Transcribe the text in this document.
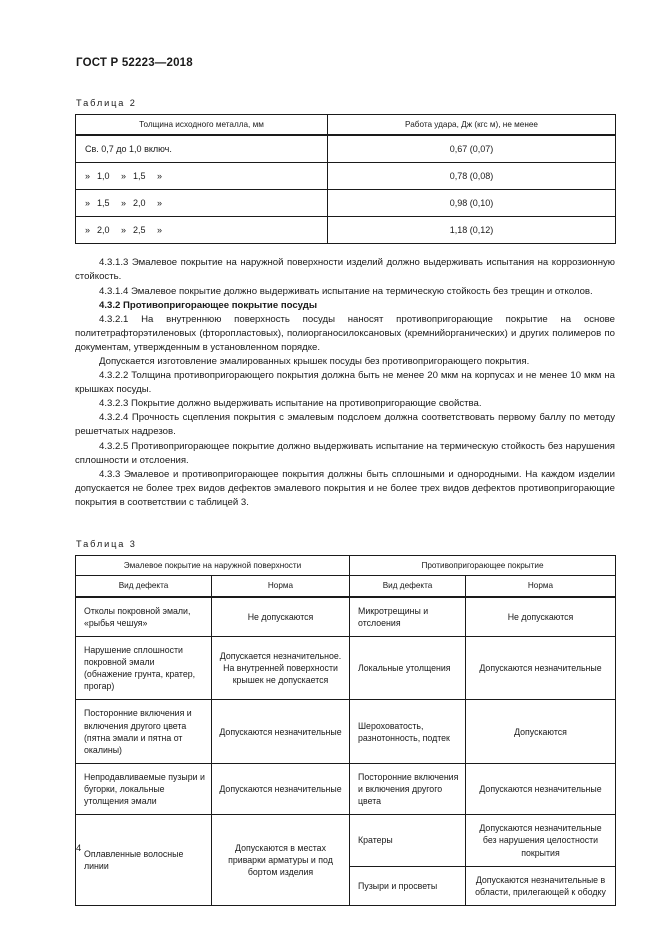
ГОСТ Р 52223—2018
Таблица 2
Толщина исходного металла, мм	Работа удара, Дж (кгс м), не менее
Св. 0,7 до 1,0 включ.	0,67 (0,07)
» 1,0 » 1,5 »	0,78 (0,08)
» 1,5 » 2,0 »	0,98 (0,10)
» 2,0 » 2,5 »	1,18 (0,12)

4.3.1.3 Эмалевое покрытие на наружной поверхности изделий должно выдерживать испытания на коррозионную стойкость.

4.3.1.4 Эмалевое покрытие должно выдерживать испытание на термическую стойкость без трещин и отколов.

4.3.2 Противопригорающее покрытие посуды

4.3.2.1 На внутреннюю поверхность посуды наносят противопригорающие покрытие на основе политетрафторэтиленовых (фторопластовых), полиорганосилоксановых (кремнийорганических) и других полимеров по документам, утвержденным в установленном порядке.

Допускается изготовление эмалированных крышек посуды без противопригорающего покрытия.

4.3.2.2 Толщина противопригорающего покрытия должна быть не менее 20 мкм на корпусах и не менее 10 мкм на крышках посуды.

4.3.2.3 Покрытие должно выдерживать испытание на противопригорающие свойства.

4.3.2.4 Прочность сцепления покрытия с эмалевым подслоем должна соответствовать первому баллу по методу решетчатых надрезов.

4.3.2.5 Противопригорающее покрытие должно выдерживать испытание на термическую стойкость без нарушения сплошности и отслоения.

4.3.3 Эмалевое и противопригорающее покрытия должны быть сплошными и однородными. На каждом изделии допускается не более трех видов дефектов эмалевого покрытия и не более трех видов дефектов противопригорающие покрытия в соответствии с таблицей 3.

Таблица 3
Эмалевое покрытие на наружной поверхности		Противопригорающее покрытие	
Вид дефекта	Норма	Вид дефекта	Норма
Отколы покровной эмали, «рыбья чешуя»	Не допускаются	Микротрещины и отслоения	Не допускаются
Нарушение сплошности покровной эмали (обнажение грунта, кратер, прогар)	Допускается незначительное. На внутренней поверхности крышек не допускается	Локальные утолщения	Допускаются незначительные
Посторонние включения и включения другого цвета (пятна эмали и пятна от окалины)	Допускаются незначительные	Шероховатость, разнотонность, подтек	Допускаются
Непродавливаемые пузыри и бугорки, локальные утолщения эмали	Допускаются незначительные	Посторонние включения и включения другого цвета	Допускаются незначительные
Оплавленные волосные линии	Допускаются в местах приварки арматуры и под бортом изделия	Кратеры	Допускаются незначительные без нарушения целостности покрытия
		Пузыри и просветы	Допускаются незначительные в области, прилегающей к ободку
4
